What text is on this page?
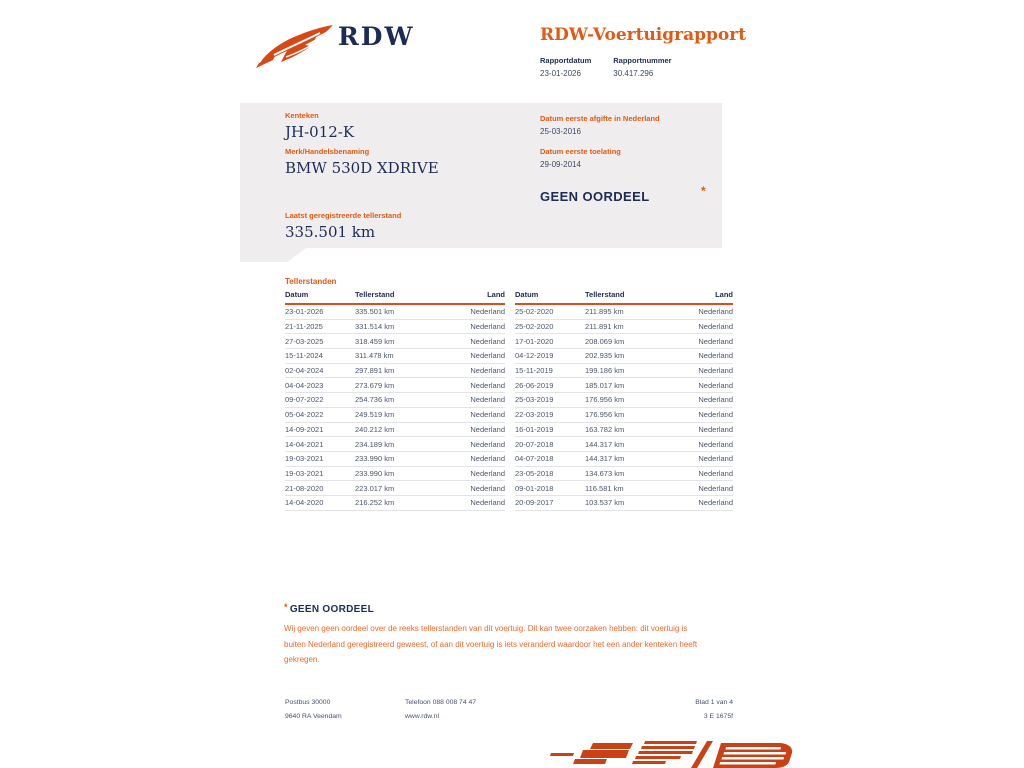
RDW	RDW-Voertuigrapport
Rapportdatum
23-01-2026
Rapportnummer
30.417.296
Kenteken
JH-012-K
Merk/Handelsbenaming
BMW 530D XDRIVE
Laatst geregistreerde tellerstand
335.501 km
Datum eerste afgifte in Nederland
25-03-2016
Datum eerste toelating
29-09-2014
GEEN OORDEEL	*
Tellerstanden
Datum	Tellerstand	Land
23-01-2026	335.501 km	Nederland
21-11-2025	331.514 km	Nederland
27-03-2025	318.459 km	Nederland
15-11-2024	311.478 km	Nederland
02-04-2024	297.891 km	Nederland
04-04-2023	273.679 km	Nederland
09-07-2022	254.736 km	Nederland
05-04-2022	249.519 km	Nederland
14-09-2021	240.212 km	Nederland
14-04-2021	234.189 km	Nederland
19-03-2021	233.990 km	Nederland
19-03-2021	233.990 km	Nederland
21-08-2020	223.017 km	Nederland
14-04-2020	216.252 km	Nederland
Datum	Tellerstand	Land
25-02-2020	211.895 km	Nederland
25-02-2020	211.891 km	Nederland
17-01-2020	208.069 km	Nederland
04-12-2019	202.935 km	Nederland
15-11-2019	199.186 km	Nederland
26-06-2019	185.017 km	Nederland
25-03-2019	176.956 km	Nederland
22-03-2019	176.956 km	Nederland
16-01-2019	163.782 km	Nederland
20-07-2018	144.317 km	Nederland
04-07-2018	144.317 km	Nederland
23-05-2018	134.673 km	Nederland
09-01-2018	116.581 km	Nederland
20-09-2017	103.537 km	Nederland
* GEEN OORDEEL
Wij geven geen oordeel over de reeks tellerstanden van dit voertuig. Dit kan twee oorzaken hebben: dit voertuig is buiten Nederland geregistreerd geweest, of aan dit voertuig is iets veranderd waardoor het een ander kenteken heeft gekregen.
Postbus 30000
9640 RA Veendam
Telefoon 088 008 74 47
www.rdw.nl
Blad 1 van 4
3 E 1675f
